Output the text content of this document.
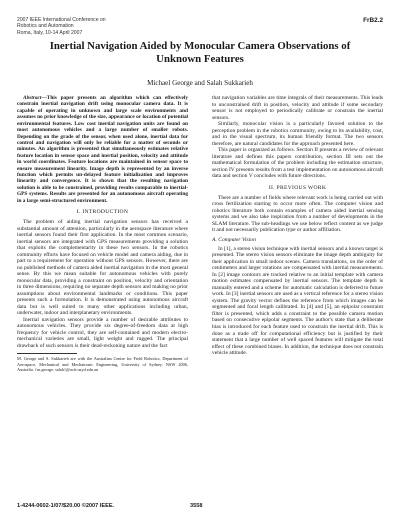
2007 IEEE International Conference on
Robotics and Automation
Roma, Italy, 10-14 April 2007
FrB2.2
Inertial Navigation Aided by Monocular Camera Observations of
Unknown Features
Michael George and Salah Sukkarieh

Abstract—This paper presents an algorithm which can effectively constrain inertial navigation drift using monocular camera data. It is capable of operating in unknown and large scale environments and assumes no prior knowledge of the size, appearance or location of potential environmental features. Low cost inertial navigation units are found on most autonomous vehicles and a large number of smaller robots. Depending on the grade of the sensor, when used alone, inertial data for control and navigation will only be reliable for a matter of seconds or minutes. An algorithm is presented that simultaneously estimates relative feature location in sensor space and inertial position, velocity and attitude in world coordinates. Feature locations are maintained in sensor space to ensure measurement linearity. Image depth is represented by an inverse function which permits un-delayed feature initialization and improves linearity and convergence. It is shown that the resulting navigation solution is able to be constrained, providing results comparable to inertial-GPS systems. Results are presented for an autonomous aircraft operating in a large semi-structured environment.

I. INTRODUCTION

The problem of aiding inertial navigation sensors has received a substantial amount of attention, particularly in the aerospace literature where inertial sensors found their first application. In the most common scenario, inertial sensors are integrated with GPS measurements providing a solution that exploits the complementarity in these two sensors. In the robotics community efforts have focused on vehicle model and camera aiding, due in part to a requirement for operation without GPS sensors. However, there are no published methods of camera aided inertial navigation in the most general sense. By this we mean suitable for autonomous vehicles with purely monocular data, providing a constraint on position, velocity and orientation in three dimensions, requiring no separate depth sensors and making no prior assumptions about environmental landmarks or conditions. This paper presents such a formulation. It is demonstrated using autonomous aircraft data but is well suited to many other applications including urban, underwater, indoor and interplanetary environments.

Inertial navigation sensors provide a number of desirable attributes to autonomous vehicles. They provide six degree-of-freedom data at high frequency for vehicle control, they are self-contained and modern electro-mechanical varieties are small, light weight and rugged. The principal drawback of such sensors is their dead-reckoning nature and the fact

M. George and S. Sukkarieh are with the Australian Centre for Field Robotics, Department of Aerospace, Mechanical and Mechatronic Engineering, University of Sydney, NSW 2006, Australia. {m.george, salah}@acfr.usyd.edu.au

that navigation variables are time integrals of their measurements. This leads to unconstrained drift in position, velocity and attitude if some secondary sensor is not employed to periodically calibrate or constrain the inertial sensors.

Similarly, monocular vision is a particularly favored solution to the perception problem in the robotics community, owing to its availability, cost, and in the visual spectrum, its human friendly format. The two sensors therefore, are natural candidates for the approach presented here.

This paper is organized as follows. Section II presents a review of relevant literature and defines this papers contribution, section III sets out the mathematical formulation of the problem including the estimation structure, section IV presents results from a test implementation on autonomous aircraft data and section V concludes with future directions.

II. PREVIOUS WORK

There are a number of fields where relevant work is being carried out with cross fertilization starting to occur more often. The computer vision and robotics literature both contain examples of camera aided inertial sensing systems and we also take inspiration from a number of developments in the SLAM literature. The sub-headings we use below reflect content as we judge it and not necessarily publication type or author affiliation.

A. Computer Vision

In [1], a stereo vision technique with inertial sensors and a known target is presented. The stereo vision sensors eliminate the image depth ambiguity for their application in small indoor scenes. Camera translations, on the order of centimeters and larger rotations are compensated with inertial measurements. In [2] image contours are tracked relative to an initial template with camera motion estimates compensated by inertial sensors. The template depth is manually entered and a scheme for automatic calculation is deferred to future work. In [3] inertial sensors are used as a vertical reference for a stereo vision system. The gravity vector defines the reference from which images can be segmented and focal length calibrated. In [4] and [5], an epipolar constraint filter is presented, which adds a constraint to the possible camera motion based on consecutive epipolar segments. The author's state that a deliberate bias is introduced for each feature used to constrain the inertial drift. This is done as a trade off for computational efficiency but is justified by their statement that a large number of well spaced features will mitigate the total effect of these combined biases. In addition, the technique does not constrain vehicle attitude.

1-4244-0602-1/07/$20.00 ©2007 IEEE.	3558
